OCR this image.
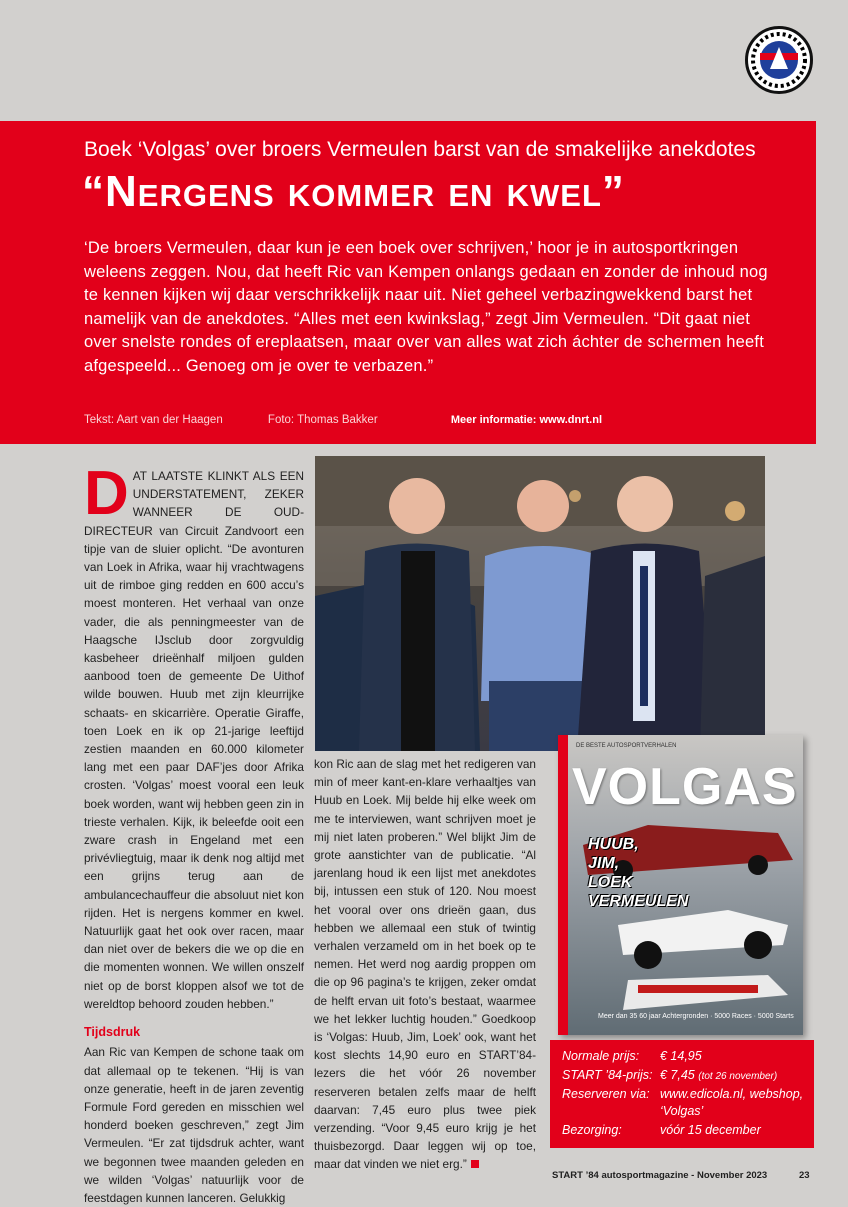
Boek ‘Volgas’ over broers Vermeulen barst van de smakelijke anekdotes
“Nergens kommer en kwel”
‘De broers Vermeulen, daar kun je een boek over schrijven,’ hoor je in autosportkringen weleens zeggen. Nou, dat heeft Ric van Kempen onlangs gedaan en zonder de inhoud nog te kennen kijken wij daar verschrikkelijk naar uit. Niet geheel verbazingwekkend barst het namelijk van de anekdotes. “Alles met een kwinkslag,” zegt Jim Vermeulen. “Dit gaat niet over snelste rondes of ereplaatsen, maar over van alles wat zich áchter de schermen heeft afgespeeld... Genoeg om je over te verbazen.”
Tekst: Aart van der Haagen	Foto: Thomas Bakker	Meer informatie: www.dnrt.nl

DAT LAATSTE KLINKT ALS EEN UNDERSTATEMENT, ZEKER WANNEER DE OUD-DIRECTEUR van Circuit Zandvoort een tipje van de sluier oplicht. “De avonturen van Loek in Afrika, waar hij vrachtwagens uit de rimboe ging redden en 600 accu’s moest monteren. Het verhaal van onze vader, die als penningmeester van de Haagsche IJsclub door zorgvuldig kasbeheer drieënhalf miljoen gulden aanbood toen de gemeente De Uithof wilde bouwen. Huub met zijn kleurrijke schaats- en skicarrière. Operatie Giraffe, toen Loek en ik op 21-jarige leeftijd zestien maanden en 60.000 kilometer lang met een paar DAF’jes door Afrika crosten. ‘Volgas’ moest vooral een leuk boek worden, want wij hebben geen zin in trieste verhalen. Kijk, ik beleefde ooit een zware crash in Engeland met een privévliegtuig, maar ik denk nog altijd met een grijns terug aan de ambulancechauffeur die absoluut niet kon rijden. Het is nergens kommer en kwel. Natuurlijk gaat het ook over racen, maar dan niet over de bekers die we op die en die momenten wonnen. We willen onszelf niet op de borst kloppen alsof we tot de wereldtop behoord zouden hebben.”

Tijdsdruk

Aan Ric van Kempen de schone taak om dat allemaal op te tekenen. “Hij is van onze generatie, heeft in de jaren zeventig Formule Ford gereden en misschien wel honderd boeken geschreven,” zegt Jim Vermeulen. “Er zat tijdsdruk achter, want we begonnen twee maanden geleden en we wilden ‘Volgas’ natuurlijk voor de feestdagen kunnen lanceren. Gelukkig

kon Ric aan de slag met het redigeren van min of meer kant-en-klare verhaaltjes van Huub en Loek. Mij belde hij elke week om me te interviewen, want schrijven moet je mij niet laten proberen.” Wel blijkt Jim de grote aanstichter van de publicatie. “Al jarenlang houd ik een lijst met anekdotes bij, intussen een stuk of 120. Nou moest het vooral over ons drieën gaan, dus hebben we allemaal een stuk of twintig verhalen verzameld om in het boek op te nemen. Het werd nog aardig proppen om die op 96 pagina’s te krijgen, zeker omdat de helft ervan uit foto’s bestaat, waarmee we het lekker luchtig houden.” Goedkoop is ‘Volgas: Huub, Jim, Loek’ ook, want het kost slechts 14,90 euro en START’84-lezers die het vóór 26 november reserveren betalen zelfs maar de helft daarvan: 7,45 euro plus twee piek verzending. “Voor 9,45 euro krijg je het thuisbezorgd. Daar leggen wij op toe, maar dat vinden we niet erg.”

DE BESTE AUTOSPORTVERHALEN
VOLGAS
HUUB,
JIM,
LOEK
VERMEULEN
Meer dan 35 60 jaar Achtergronden · 5000 Races · 5000 Starts
Normale prijs: € 14,95
START ’84-prijs: € 7,45 (tot 26 november)
Reserveren via: www.edicola.nl, webshop,
‘Volgas’
Bezorging:	vóór 15 december
START ’84 autosportmagazine - November 2023	23
